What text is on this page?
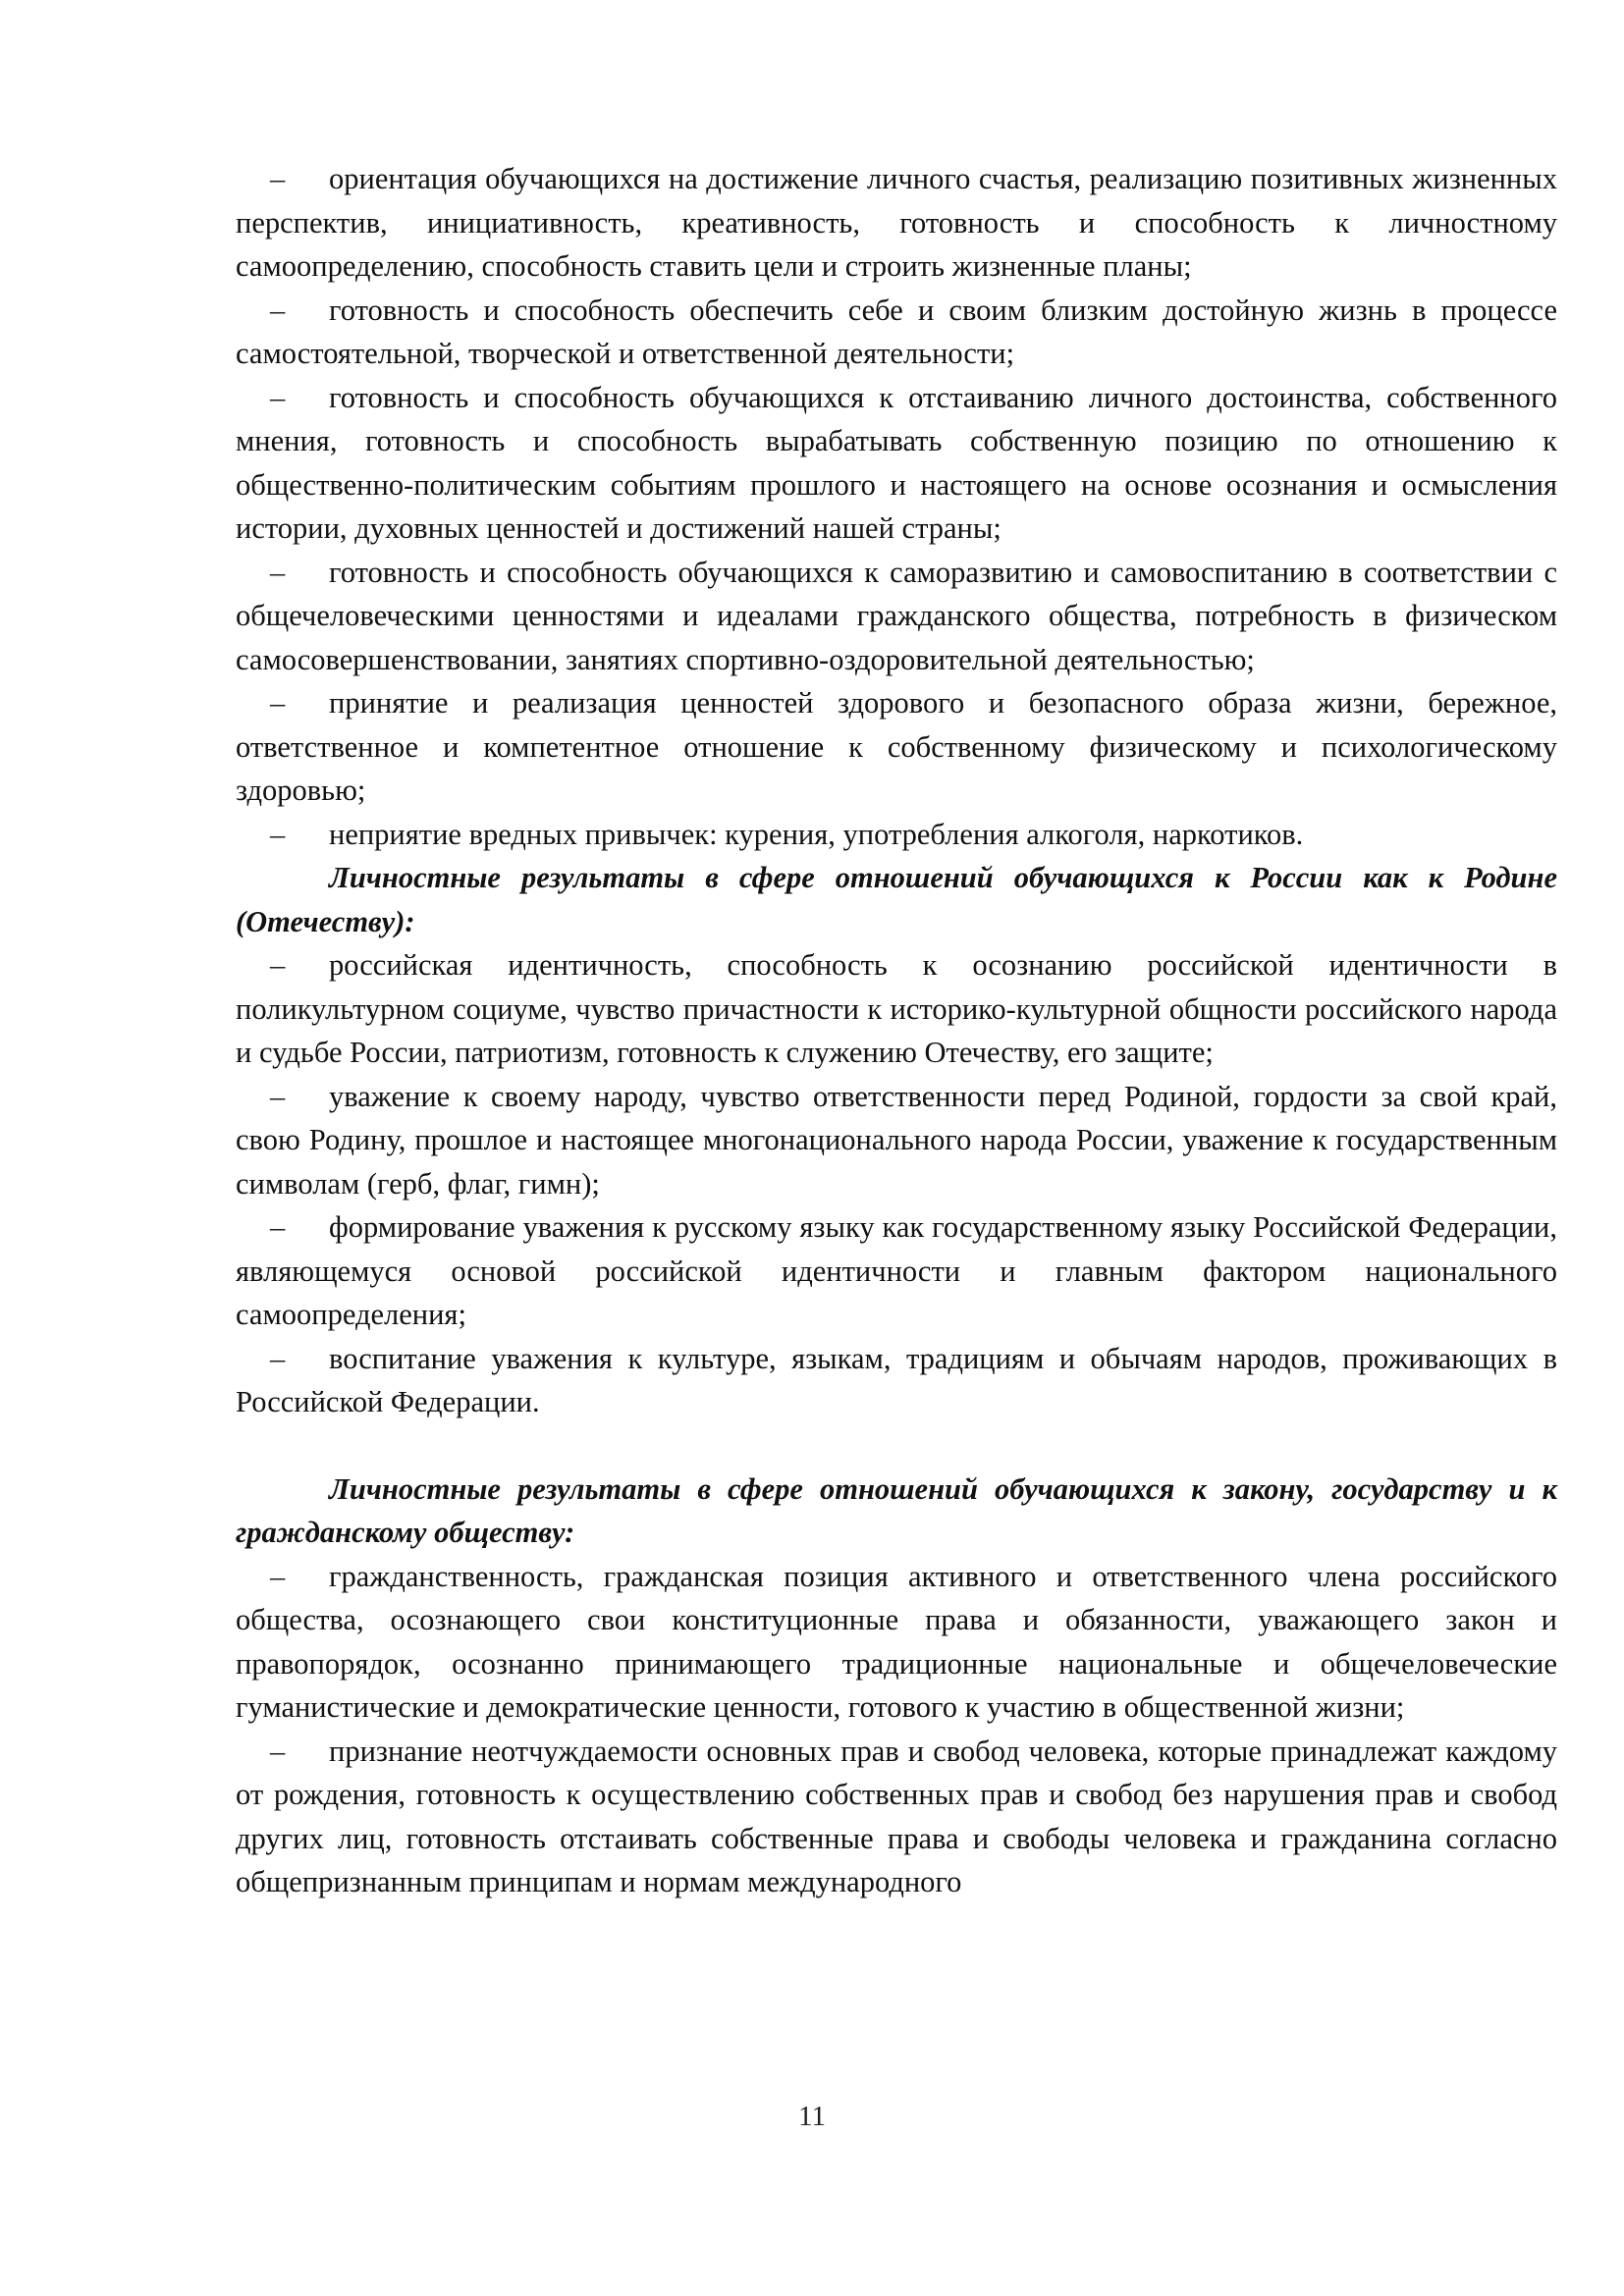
– ориентация обучающихся на достижение личного счастья, реализацию позитивных жизненных перспектив, инициативность, креативность, готовность и способность к личностному самоопределению, способность ставить цели и строить жизненные планы;

– готовность и способность обеспечить себе и своим близким достойную жизнь в процессе самостоятельной, творческой и ответственной деятельности;

– готовность и способность обучающихся к отстаиванию личного достоинства, собственного мнения, готовность и способность вырабатывать собственную позицию по отношению к общественно-политическим событиям прошлого и настоящего на основе осознания и осмысления истории, духовных ценностей и достижений нашей страны;

– готовность и способность обучающихся к саморазвитию и самовоспитанию в соответствии с общечеловеческими ценностями и идеалами гражданского общества, потребность в физическом самосовершенствовании, занятиях спортивно-оздоровительной деятельностью;

– принятие и реализация ценностей здорового и безопасного образа жизни, бережное, ответственное и компетентное отношение к собственному физическому и психологическому здоровью;

– неприятие вредных привычек: курения, употребления алкоголя, наркотиков.

Личностные результаты в сфере отношений обучающихся к России как к Родине (Отечеству):

– российская идентичность, способность к осознанию российской идентичности в поликультурном социуме, чувство причастности к историко-культурной общности российского народа и судьбе России, патриотизм, готовность к служению Отечеству, его защите;

– уважение к своему народу, чувство ответственности перед Родиной, гордости за свой край, свою Родину, прошлое и настоящее многонационального народа России, уважение к государственным символам (герб, флаг, гимн);

– формирование уважения к русскому языку как государственному языку Российской Федерации, являющемуся основой российской идентичности и главным фактором национального самоопределения;

– воспитание уважения к культуре, языкам, традициям и обычаям народов, проживающих в Российской Федерации.

Личностные результаты в сфере отношений обучающихся к закону, государству и к гражданскому обществу:

– гражданственность, гражданская позиция активного и ответственного члена российского общества, осознающего свои конституционные права и обязанности, уважающего закон и правопорядок, осознанно принимающего традиционные национальные и общечеловеческие гуманистические и демократические ценности, готового к участию в общественной жизни;

– признание неотчуждаемости основных прав и свобод человека, которые принадлежат каждому от рождения, готовность к осуществлению собственных прав и свобод без нарушения прав и свобод других лиц, готовность отстаивать собственные права и свободы человека и гражданина согласно общепризнанным принципам и нормам международного

11
